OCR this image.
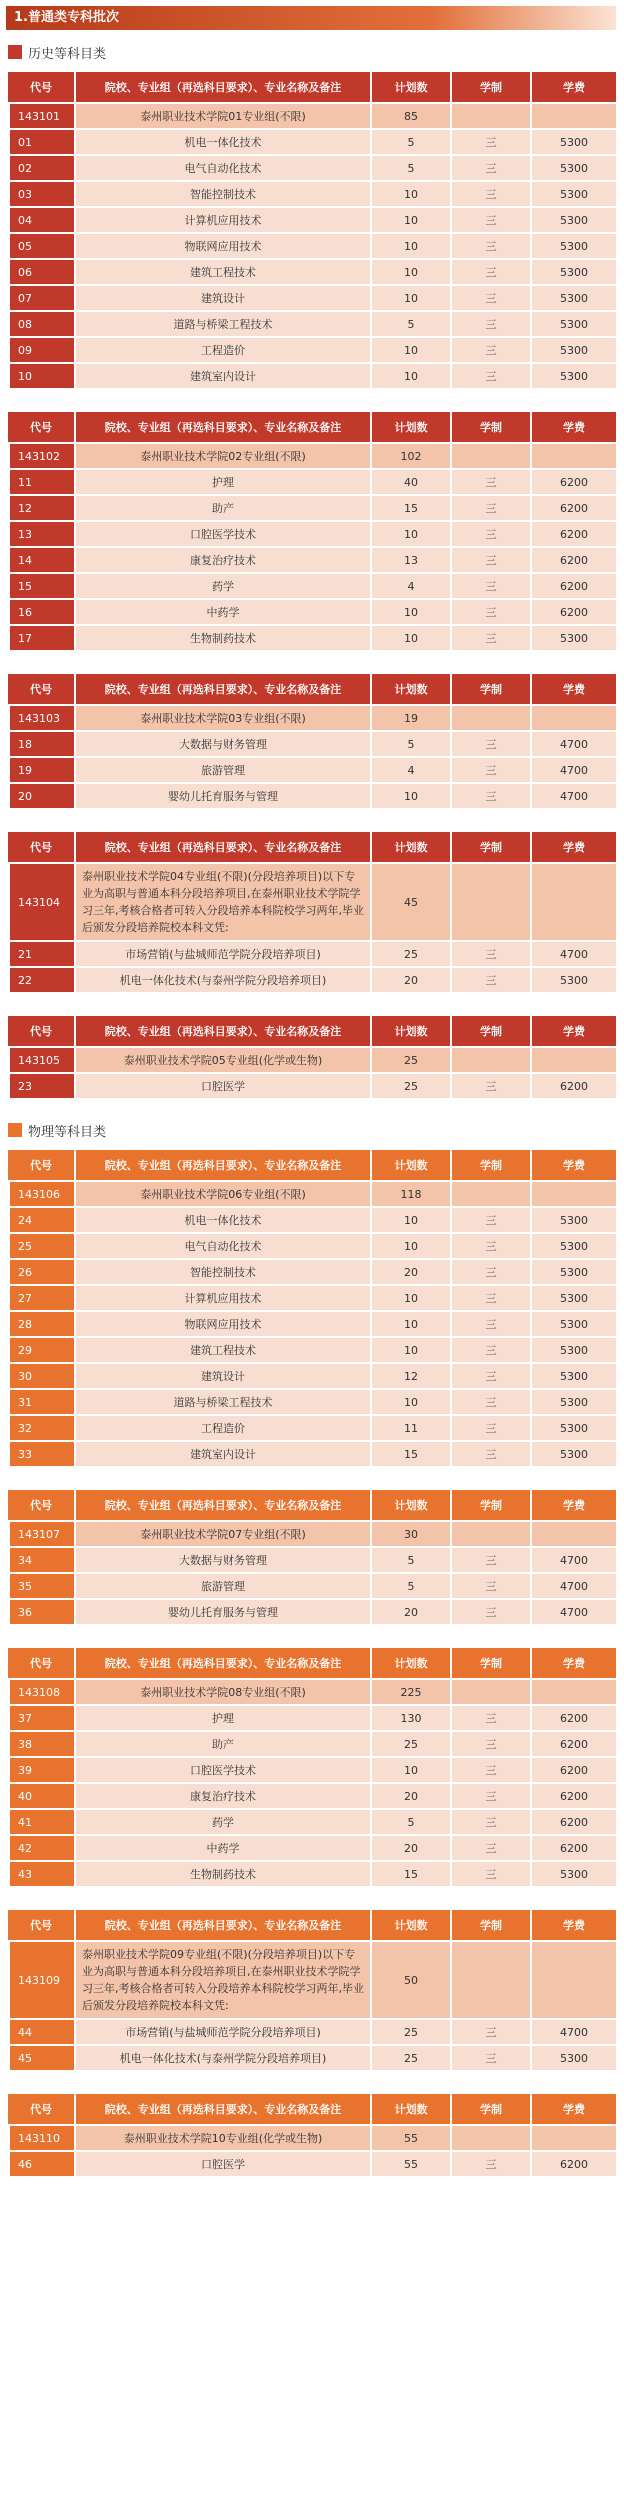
1.普通类专科批次
历史等科目类
代号	院校、专业组（再选科目要求）、专业名称及备注	计划数	学制	学费
143101	泰州职业技术学院01专业组(不限)	85		
01	机电一体化技术	5	三	5300
02	电气自动化技术	5	三	5300
03	智能控制技术	10	三	5300
04	计算机应用技术	10	三	5300
05	物联网应用技术	10	三	5300
06	建筑工程技术	10	三	5300
07	建筑设计	10	三	5300
08	道路与桥梁工程技术	5	三	5300
09	工程造价	10	三	5300
10	建筑室内设计	10	三	5300
代号	院校、专业组（再选科目要求）、专业名称及备注	计划数	学制	学费
143102	泰州职业技术学院02专业组(不限)	102		
11	护理	40	三	6200
12	助产	15	三	6200
13	口腔医学技术	10	三	6200
14	康复治疗技术	13	三	6200
15	药学	4	三	6200
16	中药学	10	三	6200
17	生物制药技术	10	三	5300
代号	院校、专业组（再选科目要求）、专业名称及备注	计划数	学制	学费
143103	泰州职业技术学院03专业组(不限)	19		
18	大数据与财务管理	5	三	4700
19	旅游管理	4	三	4700
20	婴幼儿托育服务与管理	10	三	4700
代号	院校、专业组（再选科目要求）、专业名称及备注	计划数	学制	学费
143104	泰州职业技术学院04专业组(不限)(分段培养项目)以下专业为高职与普通本科分段培养项目,在泰州职业技术学院学习三年,考核合格者可转入分段培养本科院校学习两年,毕业后颁发分段培养院校本科文凭:	45		
21	市场营销(与盐城师范学院分段培养项目)	25	三	4700
22	机电一体化技术(与泰州学院分段培养项目)	20	三	5300
代号	院校、专业组（再选科目要求）、专业名称及备注	计划数	学制	学费
143105	泰州职业技术学院05专业组(化学或生物)	25		
23	口腔医学	25	三	6200
物理等科目类
代号	院校、专业组（再选科目要求）、专业名称及备注	计划数	学制	学费
143106	泰州职业技术学院06专业组(不限)	118		
24	机电一体化技术	10	三	5300
25	电气自动化技术	10	三	5300
26	智能控制技术	20	三	5300
27	计算机应用技术	10	三	5300
28	物联网应用技术	10	三	5300
29	建筑工程技术	10	三	5300
30	建筑设计	12	三	5300
31	道路与桥梁工程技术	10	三	5300
32	工程造价	11	三	5300
33	建筑室内设计	15	三	5300
代号	院校、专业组（再选科目要求）、专业名称及备注	计划数	学制	学费
143107	泰州职业技术学院07专业组(不限)	30		
34	大数据与财务管理	5	三	4700
35	旅游管理	5	三	4700
36	婴幼儿托育服务与管理	20	三	4700
代号	院校、专业组（再选科目要求）、专业名称及备注	计划数	学制	学费
143108	泰州职业技术学院08专业组(不限)	225		
37	护理	130	三	6200
38	助产	25	三	6200
39	口腔医学技术	10	三	6200
40	康复治疗技术	20	三	6200
41	药学	5	三	6200
42	中药学	20	三	6200
43	生物制药技术	15	三	5300
代号	院校、专业组（再选科目要求）、专业名称及备注	计划数	学制	学费
143109	泰州职业技术学院09专业组(不限)(分段培养项目)以下专业为高职与普通本科分段培养项目,在泰州职业技术学院学习三年,考核合格者可转入分段培养本科院校学习两年,毕业后颁发分段培养院校本科文凭:	50		
44	市场营销(与盐城师范学院分段培养项目)	25	三	4700
45	机电一体化技术(与泰州学院分段培养项目)	25	三	5300
代号	院校、专业组（再选科目要求）、专业名称及备注	计划数	学制	学费
143110	泰州职业技术学院10专业组(化学或生物)	55		
46	口腔医学	55	三	6200
